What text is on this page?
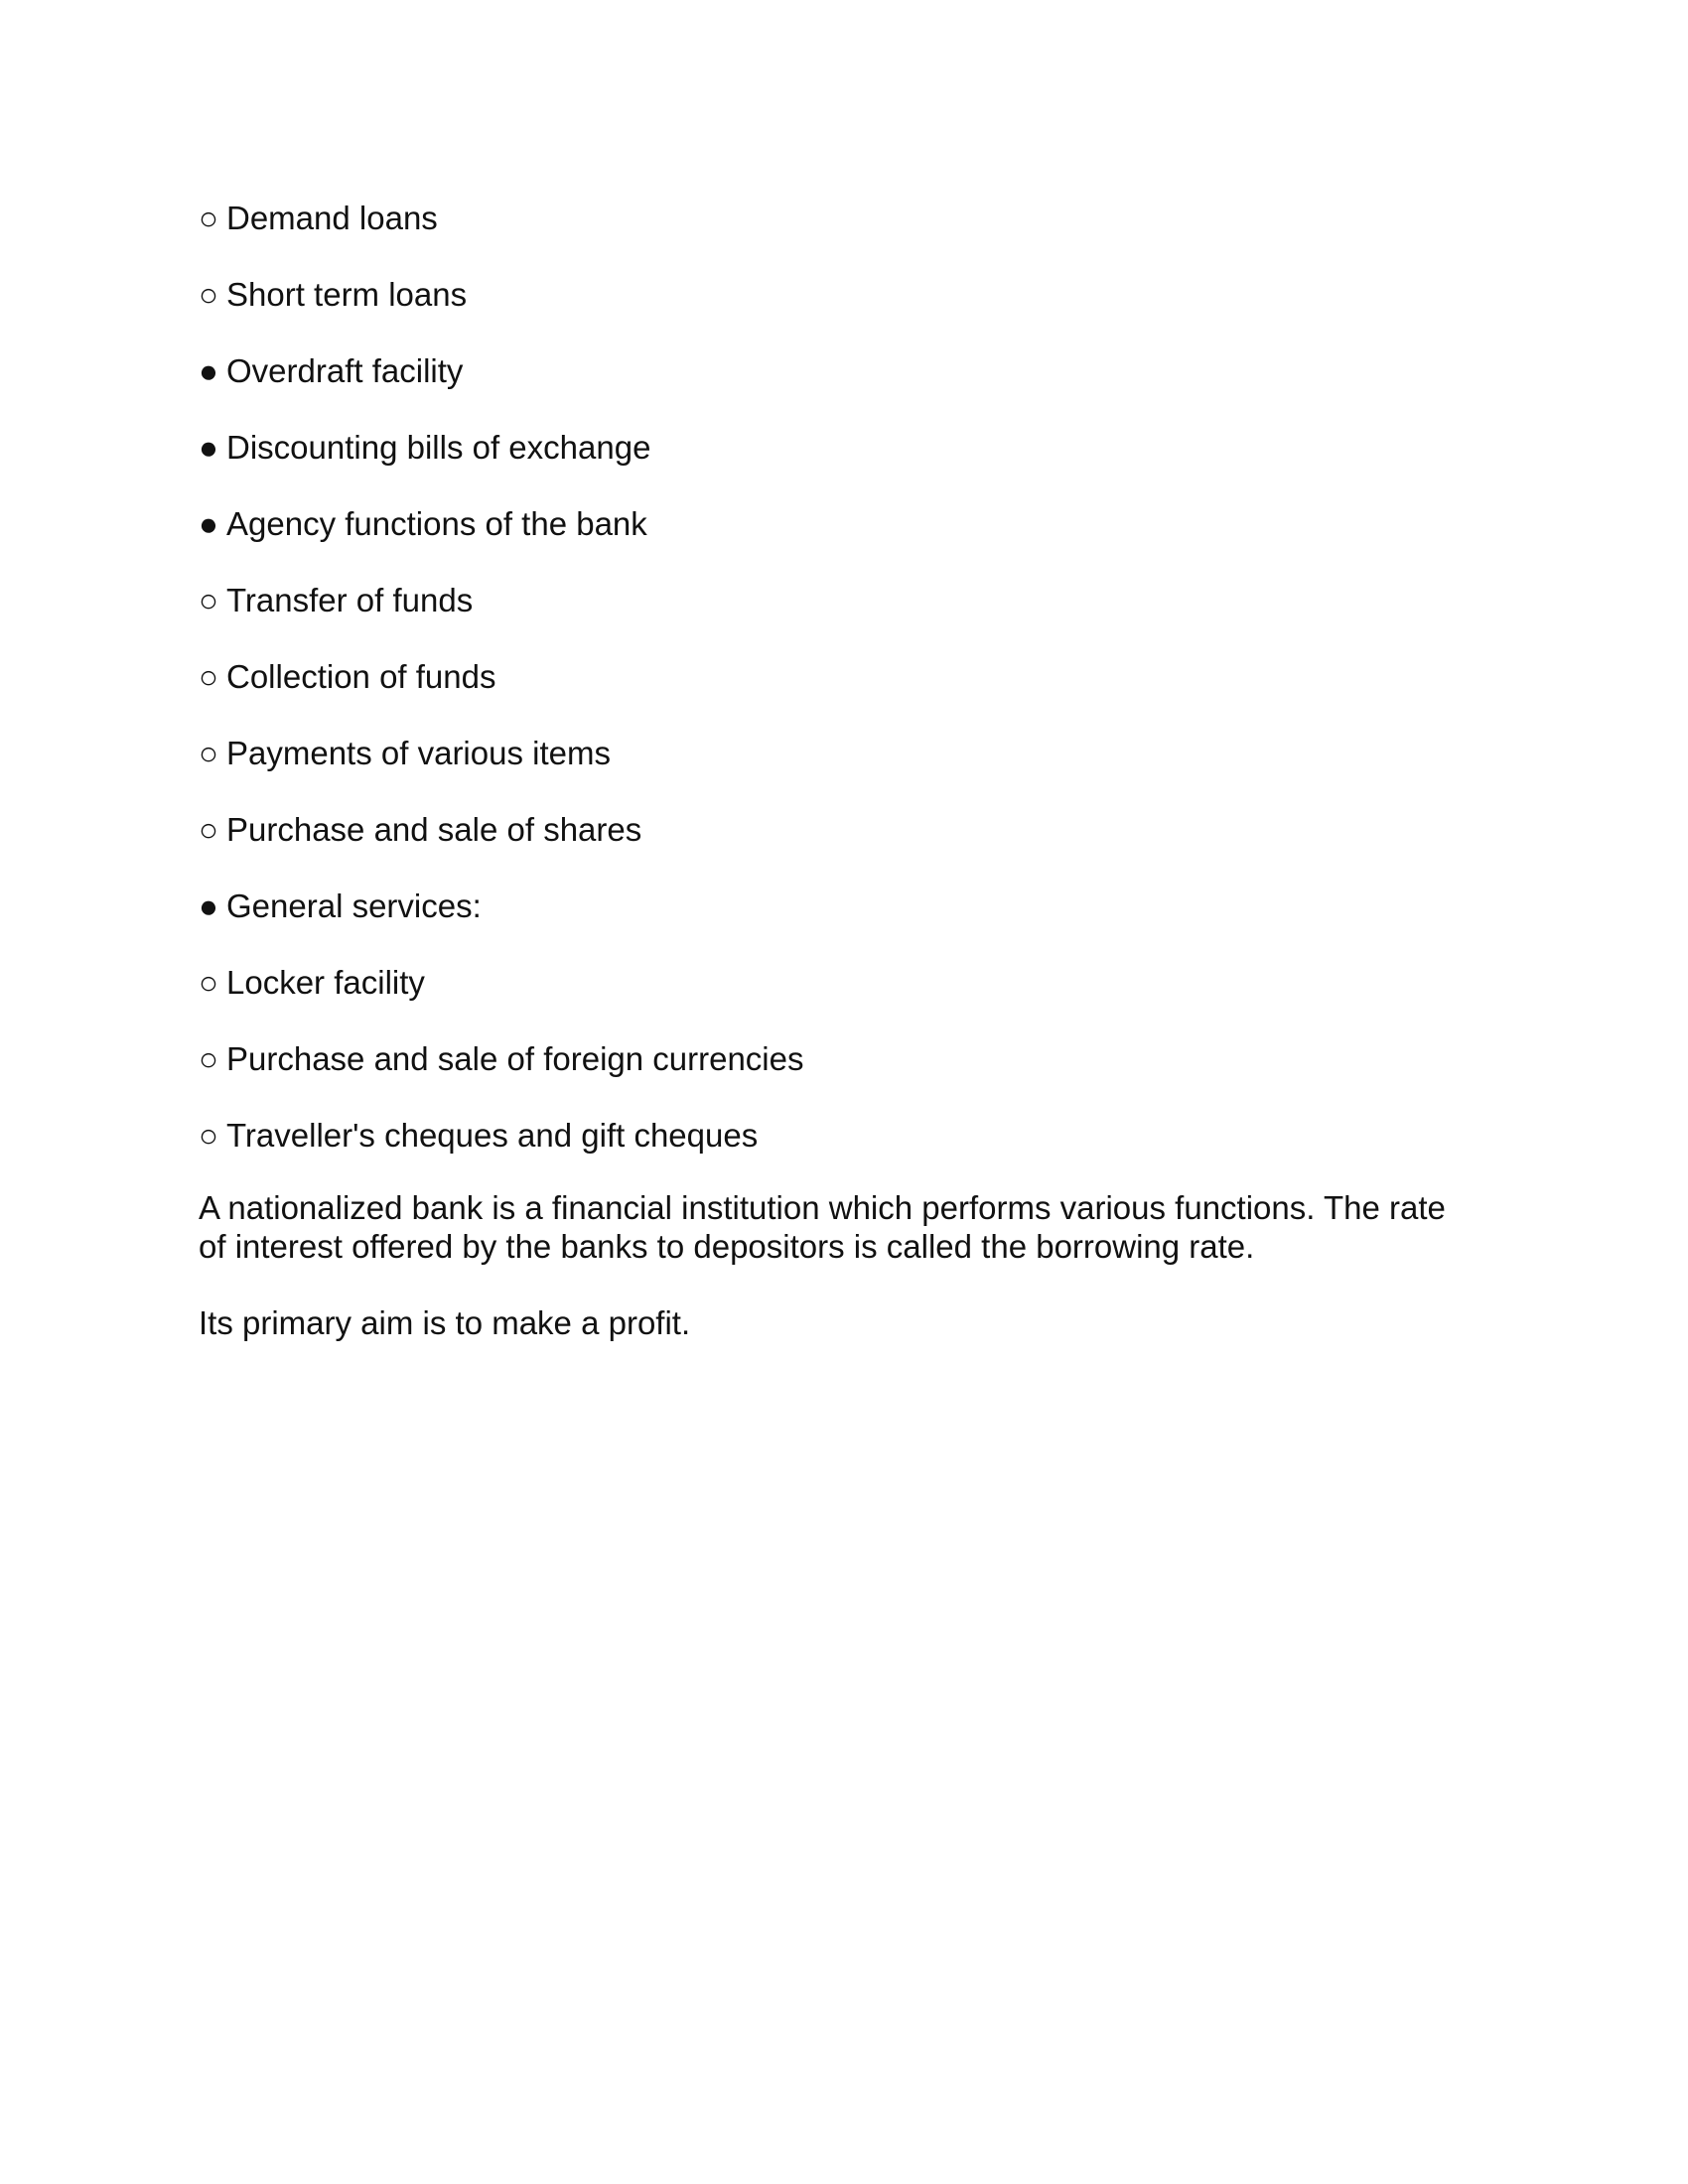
○ Demand loans
○ Short term loans
● Overdraft facility
● Discounting bills of exchange
● Agency functions of the bank
○ Transfer of funds
○ Collection of funds
○ Payments of various items
○ Purchase and sale of shares
● General services:
○ Locker facility
○ Purchase and sale of foreign currencies
○ Traveller's cheques and gift cheques

A nationalized bank is a financial institution which performs various functions. The rate of interest offered by the banks to depositors is called the borrowing rate.

Its primary aim is to make a profit.
